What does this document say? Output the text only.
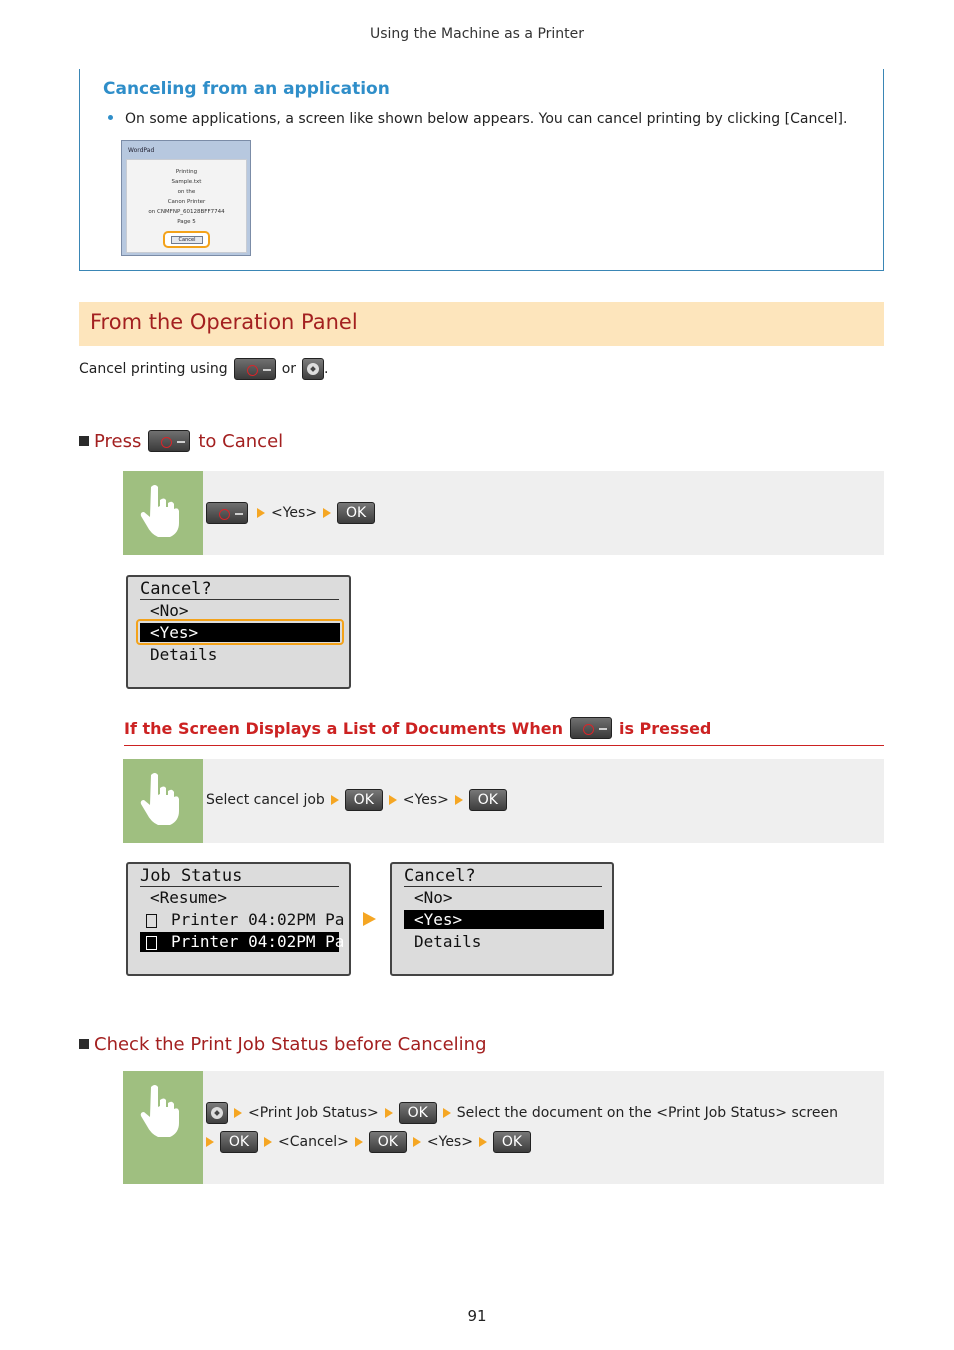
Using the Machine as a Printer
Canceling from an application
On some applications, a screen like shown below appears. You can cancel printing by clicking [Cancel].
WordPad
Printing
Sample.txt
on the
Canon Printer
on CNMFNP_60128BFF7744
Page 5
Cancel
From the Operation Panel
Cancel printing using	or .
Press	to Cancel
<Yes>	OK
Cancel?
<No>
<Yes>
Details
If the Screen Displays a List of Documents When	is Pressed
Select cancel job	OK	<Yes>	OK
Job Status
<Resume>
Printer 04:02PM Pa
Printer 04:02PM Pa
Cancel?
<No>
<Yes>
Details
Check the Print Job Status before Canceling
<Print Job Status>	OK	Select the document on the <Print Job Status> screen
OK	<Cancel>	OK	<Yes>	OK
91
